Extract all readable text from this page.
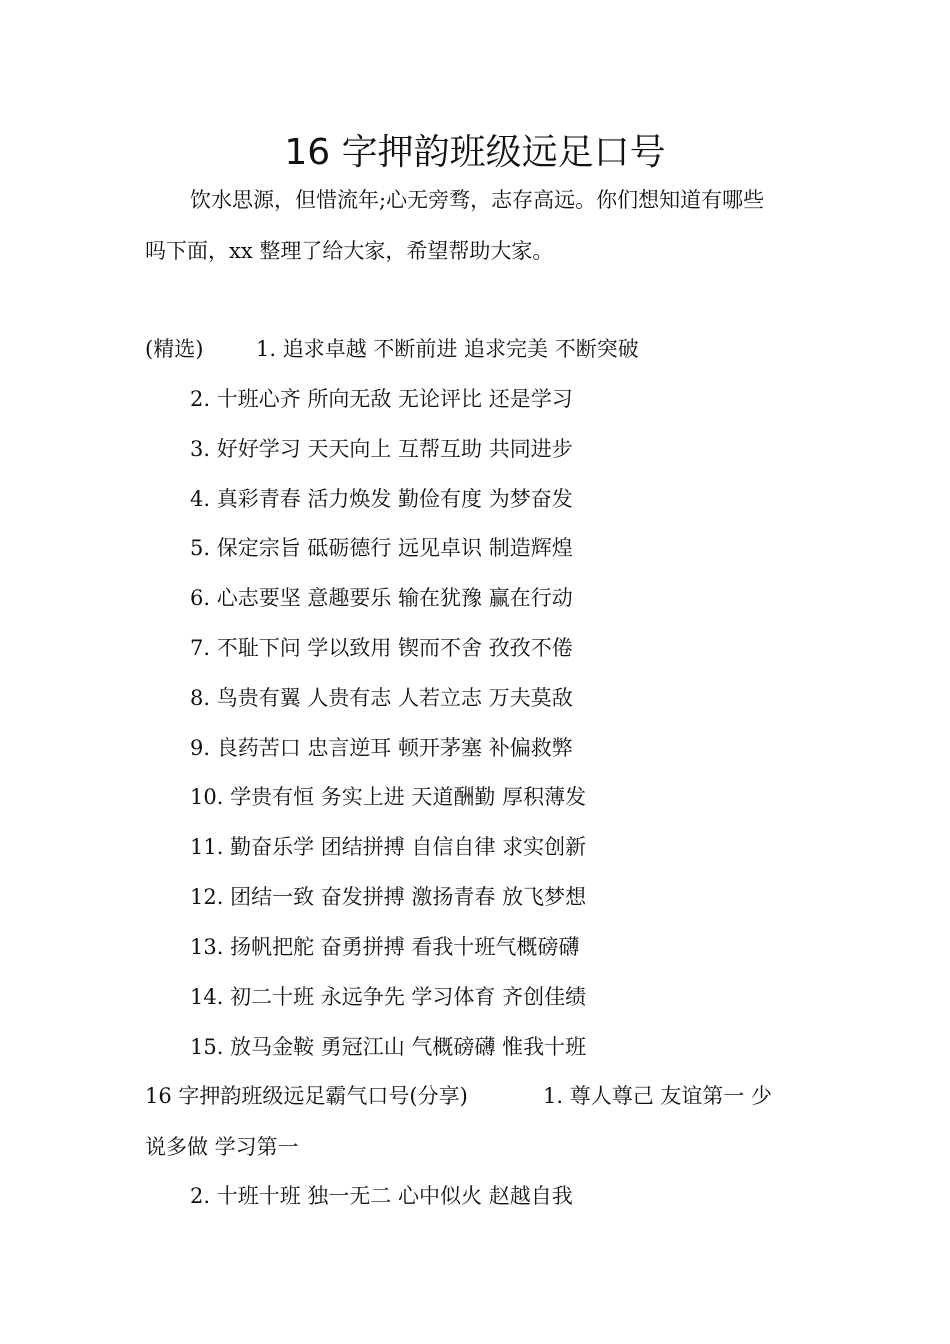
16 字押韵班级远足口号

饮水思源，但惜流年;心无旁骛，志存高远。你们想知道有哪些

吗下面，xx 整理了给大家，希望帮助大家。

(精选)	1. 追求卓越 不断前进 追求完美 不断突破

2. 十班心齐 所向无敌 无论评比 还是学习

3. 好好学习 天天向上 互帮互助 共同进步

4. 真彩青春 活力焕发 勤俭有度 为梦奋发

5. 保定宗旨 砥砺德行 远见卓识 制造辉煌

6. 心志要坚 意趣要乐 输在犹豫 赢在行动

7. 不耻下问 学以致用 锲而不舍 孜孜不倦

8. 鸟贵有翼 人贵有志 人若立志 万夫莫敌

9. 良药苦口 忠言逆耳 顿开茅塞 补偏救弊

10. 学贵有恒 务实上进 天道酬勤 厚积薄发

11. 勤奋乐学 团结拼搏 自信自律 求实创新

12. 团结一致 奋发拼搏 激扬青春 放飞梦想

13. 扬帆把舵 奋勇拼搏 看我十班气概磅礴

14. 初二十班 永远争先 学习体育 齐创佳绩

15. 放马金鞍 勇冠江山 气概磅礴 惟我十班

16 字押韵班级远足霸气口号(分享)	1. 尊人尊己 友谊第一 少

说多做 学习第一

2. 十班十班 独一无二 心中似火 赵越自我
